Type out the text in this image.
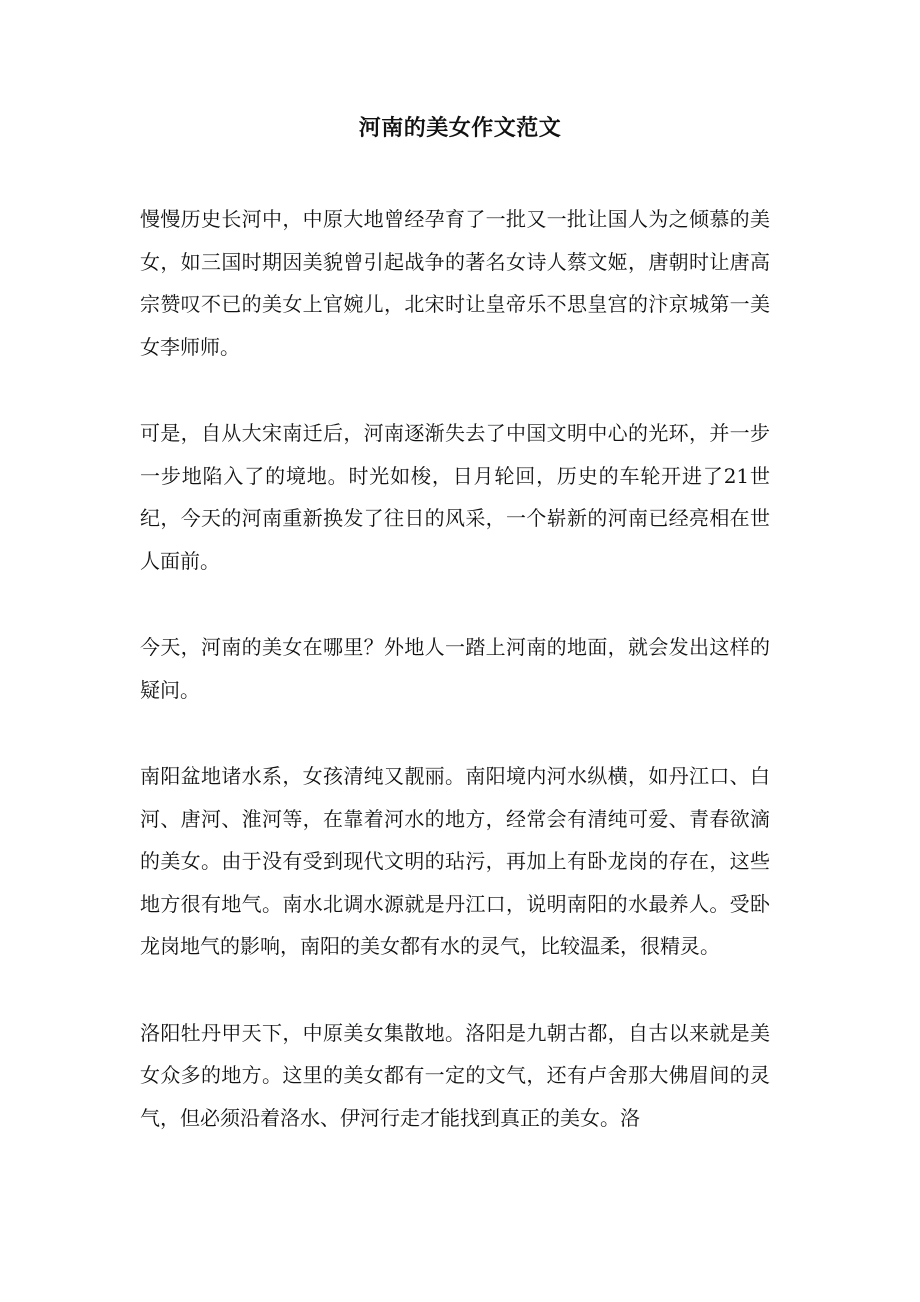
河南的美女作文范文

慢慢历史长河中，中原大地曾经孕育了一批又一批让国人为之倾慕的美女，如三国时期因美貌曾引起战争的著名女诗人蔡文姬，唐朝时让唐高宗赞叹不已的美女上官婉儿，北宋时让皇帝乐不思皇宫的汴京城第一美女李师师。

可是，自从大宋南迁后，河南逐渐失去了中国文明中心的光环，并一步一步地陷入了的境地。时光如梭，日月轮回，历史的车轮开进了21世纪，今天的河南重新换发了往日的风采，一个崭新的河南已经亮相在世人面前。

今天，河南的美女在哪里？外地人一踏上河南的地面，就会发出这样的疑问。

南阳盆地诸水系，女孩清纯又靓丽。南阳境内河水纵横，如丹江口、白河、唐河、淮河等，在靠着河水的地方，经常会有清纯可爱、青春欲滴的美女。由于没有受到现代文明的玷污，再加上有卧龙岗的存在，这些地方很有地气。南水北调水源就是丹江口，说明南阳的水最养人。受卧龙岗地气的影响，南阳的美女都有水的灵气，比较温柔，很精灵。

洛阳牡丹甲天下，中原美女集散地。洛阳是九朝古都，自古以来就是美女众多的地方。这里的美女都有一定的文气，还有卢舍那大佛眉间的灵气，但必须沿着洛水、伊河行走才能找到真正的美女。洛
